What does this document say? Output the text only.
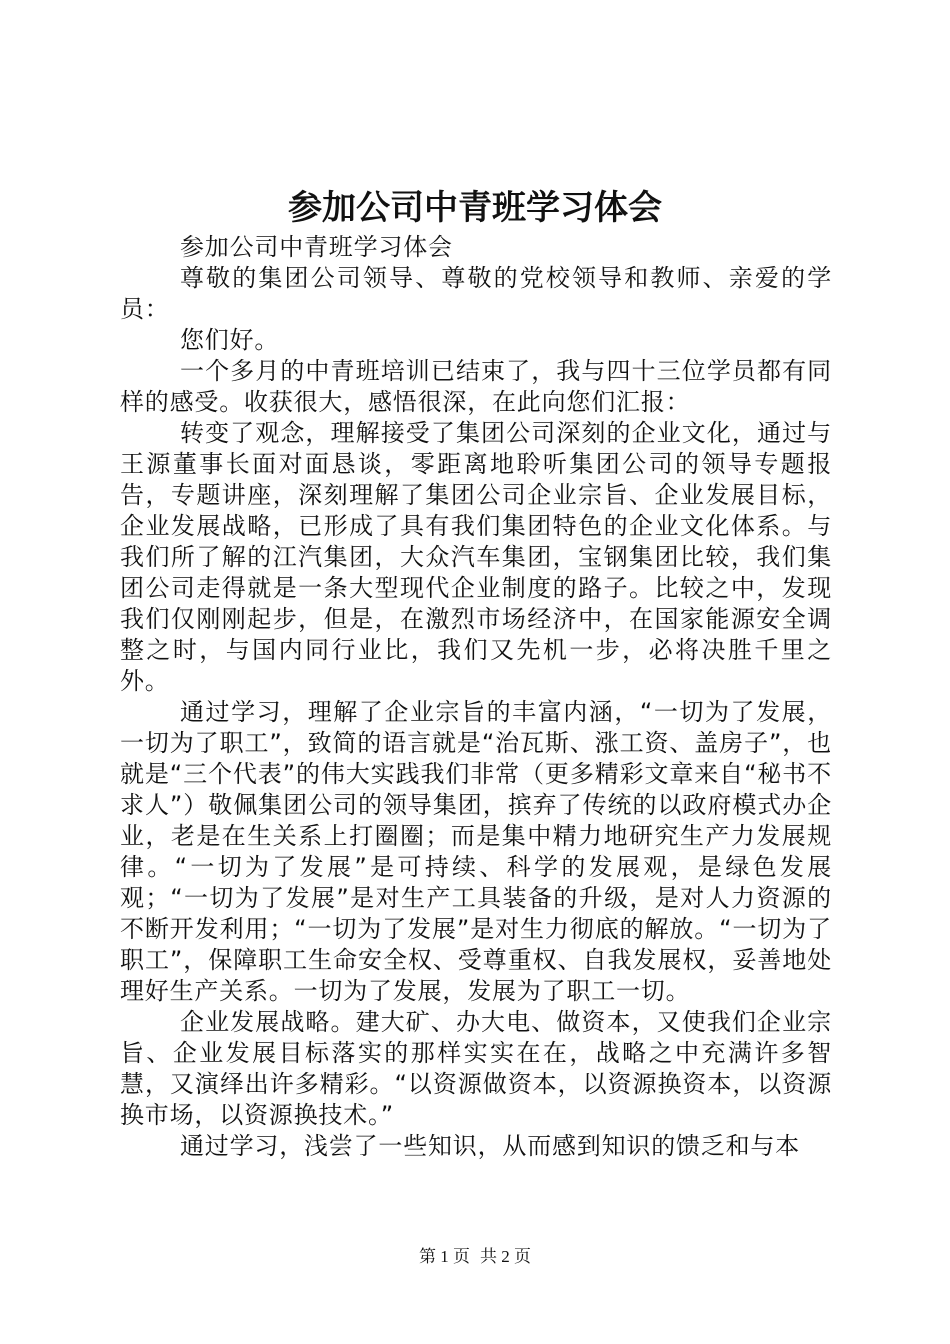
参加公司中青班学习体会

参加公司中青班学习体会

尊敬的集团公司领导、尊敬的党校领导和教师、亲爱的学员：

您们好。

一个多月的中青班培训已结束了，我与四十三位学员都有同样的感受。收获很大，感悟很深，在此向您们汇报：

转变了观念，理解接受了集团公司深刻的企业文化，通过与王源董事长面对面恳谈，零距离地聆听集团公司的领导专题报告，专题讲座，深刻理解了集团公司企业宗旨、企业发展目标，企业发展战略，已形成了具有我们集团特色的企业文化体系。与我们所了解的江汽集团，大众汽车集团，宝钢集团比较，我们集团公司走得就是一条大型现代企业制度的路子。比较之中，发现我们仅刚刚起步，但是，在激烈市场经济中，在国家能源安全调整之时，与国内同行业比，我们又先机一步，必将决胜千里之外。

通过学习，理解了企业宗旨的丰富内涵，“一切为了发展，一切为了职工”，致简的语言就是“治瓦斯、涨工资、盖房子”，也就是“三个代表”的伟大实践我们非常（更多精彩文章来自“秘书不求人”）敬佩集团公司的领导集团，摈弃了传统的以政府模式办企业，老是在生关系上打圈圈；而是集中精力地研究生产力发展规律。“一切为了发展”是可持续、科学的发展观，是绿色发展观；“一切为了发展”是对生产工具装备的升级，是对人力资源的不断开发利用；“一切为了发展”是对生力彻底的解放。“一切为了职工”，保障职工生命安全权、受尊重权、自我发展权，妥善地处理好生产关系。一切为了发展，发展为了职工一切。

企业发展战略。建大矿、办大电、做资本，又使我们企业宗旨、企业发展目标落实的那样实实在在，战略之中充满许多智慧，又演绎出许多精彩。“以资源做资本，以资源换资本，以资源换市场，以资源换技术。”

通过学习，浅尝了一些知识，从而感到知识的馈乏和与本

第 1 页 共 2 页
